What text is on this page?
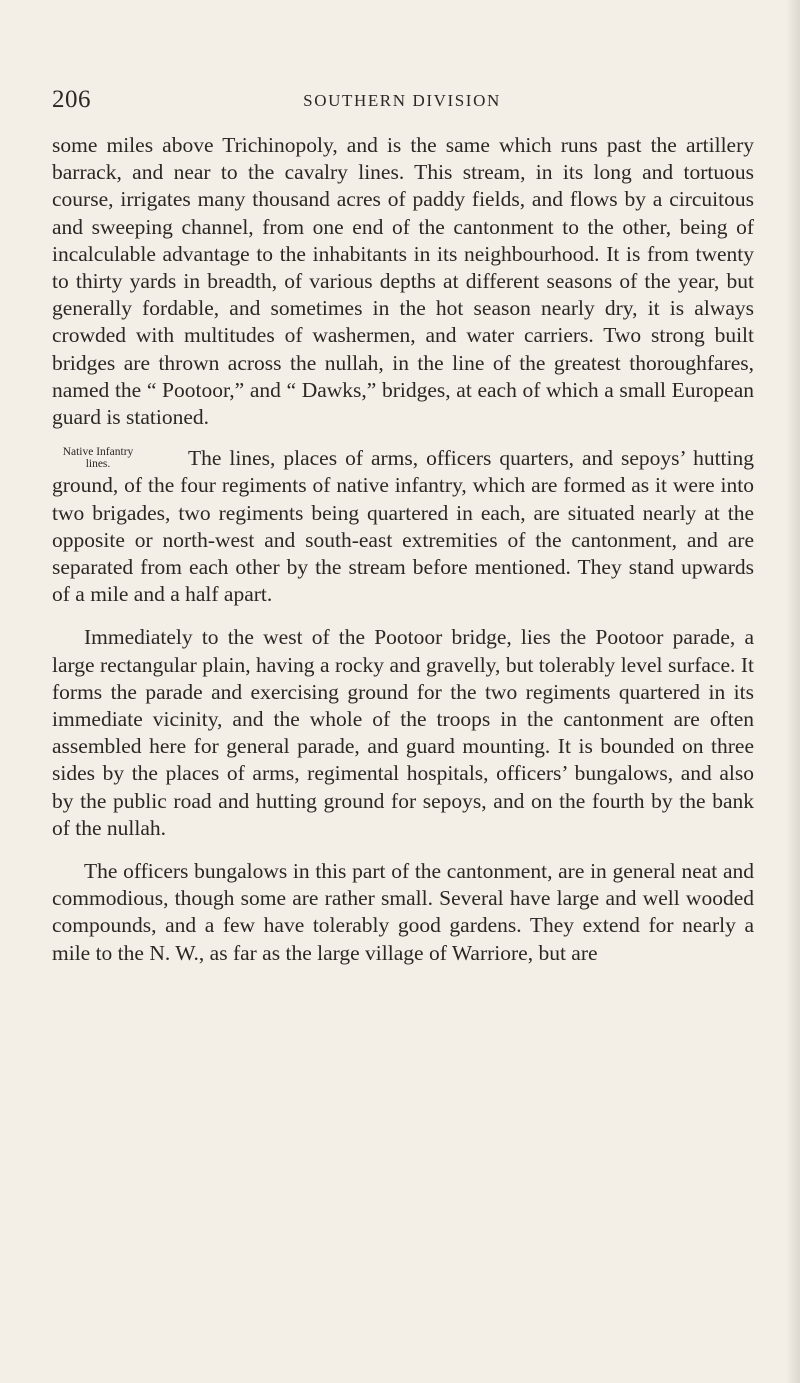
206	SOUTHERN DIVISION

some miles above Trichinopoly, and is the same which runs past the artillery barrack, and near to the cavalry lines. This stream, in its long and tortuous course, irrigates many thousand acres of paddy fields, and flows by a circuitous and sweeping channel, from one end of the cantonment to the other, being of incalculable advantage to the inhabitants in its neighbourhood. It is from twenty to thirty yards in breadth, of various depths at different seasons of the year, but generally fordable, and sometimes in the hot season nearly dry, it is always crowded with multitudes of washermen, and water carriers. Two strong built bridges are thrown across the nullah, in the line of the greatest thoroughfares, named the “ Pootoor,” and “ Dawks,” bridges, at each of which a small European guard is stationed.

Native Infantry lines.	The lines, places of arms, officers quarters, and sepoys’ hutting ground, of the four regiments of native infantry, which are formed as it were into two brigades, two regiments being quartered in each, are situated nearly at the opposite or north-west and south-east extremities of the cantonment, and are separated from each other by the stream before mentioned. They stand upwards of a mile and a half apart.

Immediately to the west of the Pootoor bridge, lies the Pootoor parade, a large rectangular plain, having a rocky and gravelly, but tolerably level surface. It forms the parade and exercising ground for the two regiments quartered in its immediate vicinity, and the whole of the troops in the cantonment are often assembled here for general parade, and guard mounting. It is bounded on three sides by the places of arms, regimental hospitals, officers’ bungalows, and also by the public road and hutting ground for sepoys, and on the fourth by the bank of the nullah.

The officers bungalows in this part of the cantonment, are in general neat and commodious, though some are rather small. Several have large and well wooded compounds, and a few have tolerably good gardens. They extend for nearly a mile to the N. W., as far as the large village of Warriore, but are
